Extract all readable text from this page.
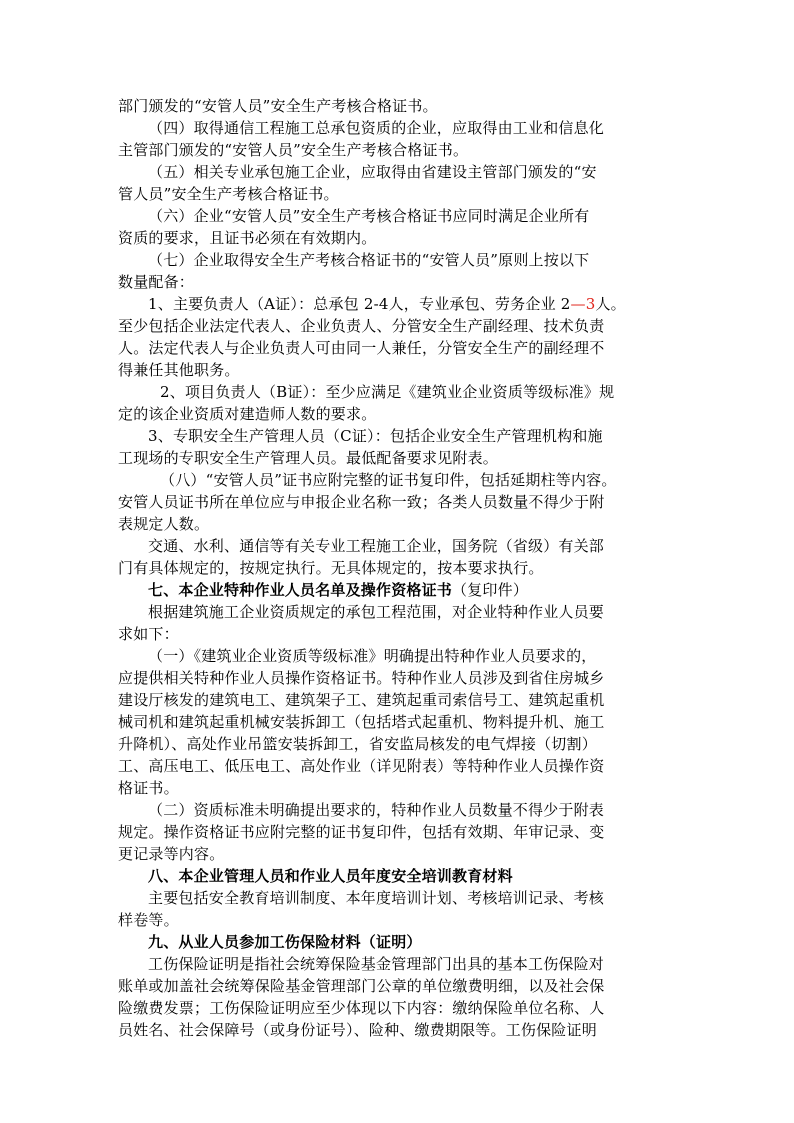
部门颁发的“安管人员”安全生产考核合格证书。
（四）取得通信工程施工总承包资质的企业，应取得由工业和信息化
主管部门颁发的“安管人员”安全生产考核合格证书。
（五）相关专业承包施工企业，应取得由省建设主管部门颁发的“安
管人员”安全生产考核合格证书。
（六）企业“安管人员”安全生产考核合格证书应同时满足企业所有
资质的要求，且证书必须在有效期内。
（七）企业取得安全生产考核合格证书的“安管人员”原则上按以下
数量配备：
1、主要负责人（A证）：总承包 2-4人，专业承包、劳务企业 2—3人。
至少包括企业法定代表人、企业负责人、分管安全生产副经理、技术负责
人。法定代表人与企业负责人可由同一人兼任，分管安全生产的副经理不
得兼任其他职务。
2、项目负责人（B证）：至少应满足《建筑业企业资质等级标准》规
定的该企业资质对建造师人数的要求。
3、专职安全生产管理人员（C证）：包括企业安全生产管理机构和施
工现场的专职安全生产管理人员。最低配备要求见附表。
（八）“安管人员”证书应附完整的证书复印件，包括延期柱等内容。
安管人员证书所在单位应与申报企业名称一致；各类人员数量不得少于附
表规定人数。
交通、水利、通信等有关专业工程施工企业，国务院（省级）有关部
门有具体规定的，按规定执行。无具体规定的，按本要求执行。
七、本企业特种作业人员名单及操作资格证书（复印件）
根据建筑施工企业资质规定的承包工程范围，对企业特种作业人员要
求如下：
（一）《建筑业企业资质等级标准》明确提出特种作业人员要求的，
应提供相关特种作业人员操作资格证书。特种作业人员涉及到省住房城乡
建设厅核发的建筑电工、建筑架子工、建筑起重司索信号工、建筑起重机
械司机和建筑起重机械安装拆卸工（包括塔式起重机、物料提升机、施工
升降机）、高处作业吊篮安装拆卸工，省安监局核发的电气焊接（切割）
工、高压电工、低压电工、高处作业（详见附表）等特种作业人员操作资
格证书。
（二）资质标准未明确提出要求的，特种作业人员数量不得少于附表
规定。操作资格证书应附完整的证书复印件，包括有效期、年审记录、变
更记录等内容。
八、本企业管理人员和作业人员年度安全培训教育材料
主要包括安全教育培训制度、本年度培训计划、考核培训记录、考核
样卷等。
九、从业人员参加工伤保险材料（证明）
工伤保险证明是指社会统筹保险基金管理部门出具的基本工伤保险对
账单或加盖社会统筹保险基金管理部门公章的单位缴费明细，以及社会保
险缴费发票；工伤保险证明应至少体现以下内容：缴纳保险单位名称、人
员姓名、社会保障号（或身份证号）、险种、缴费期限等。工伤保险证明
